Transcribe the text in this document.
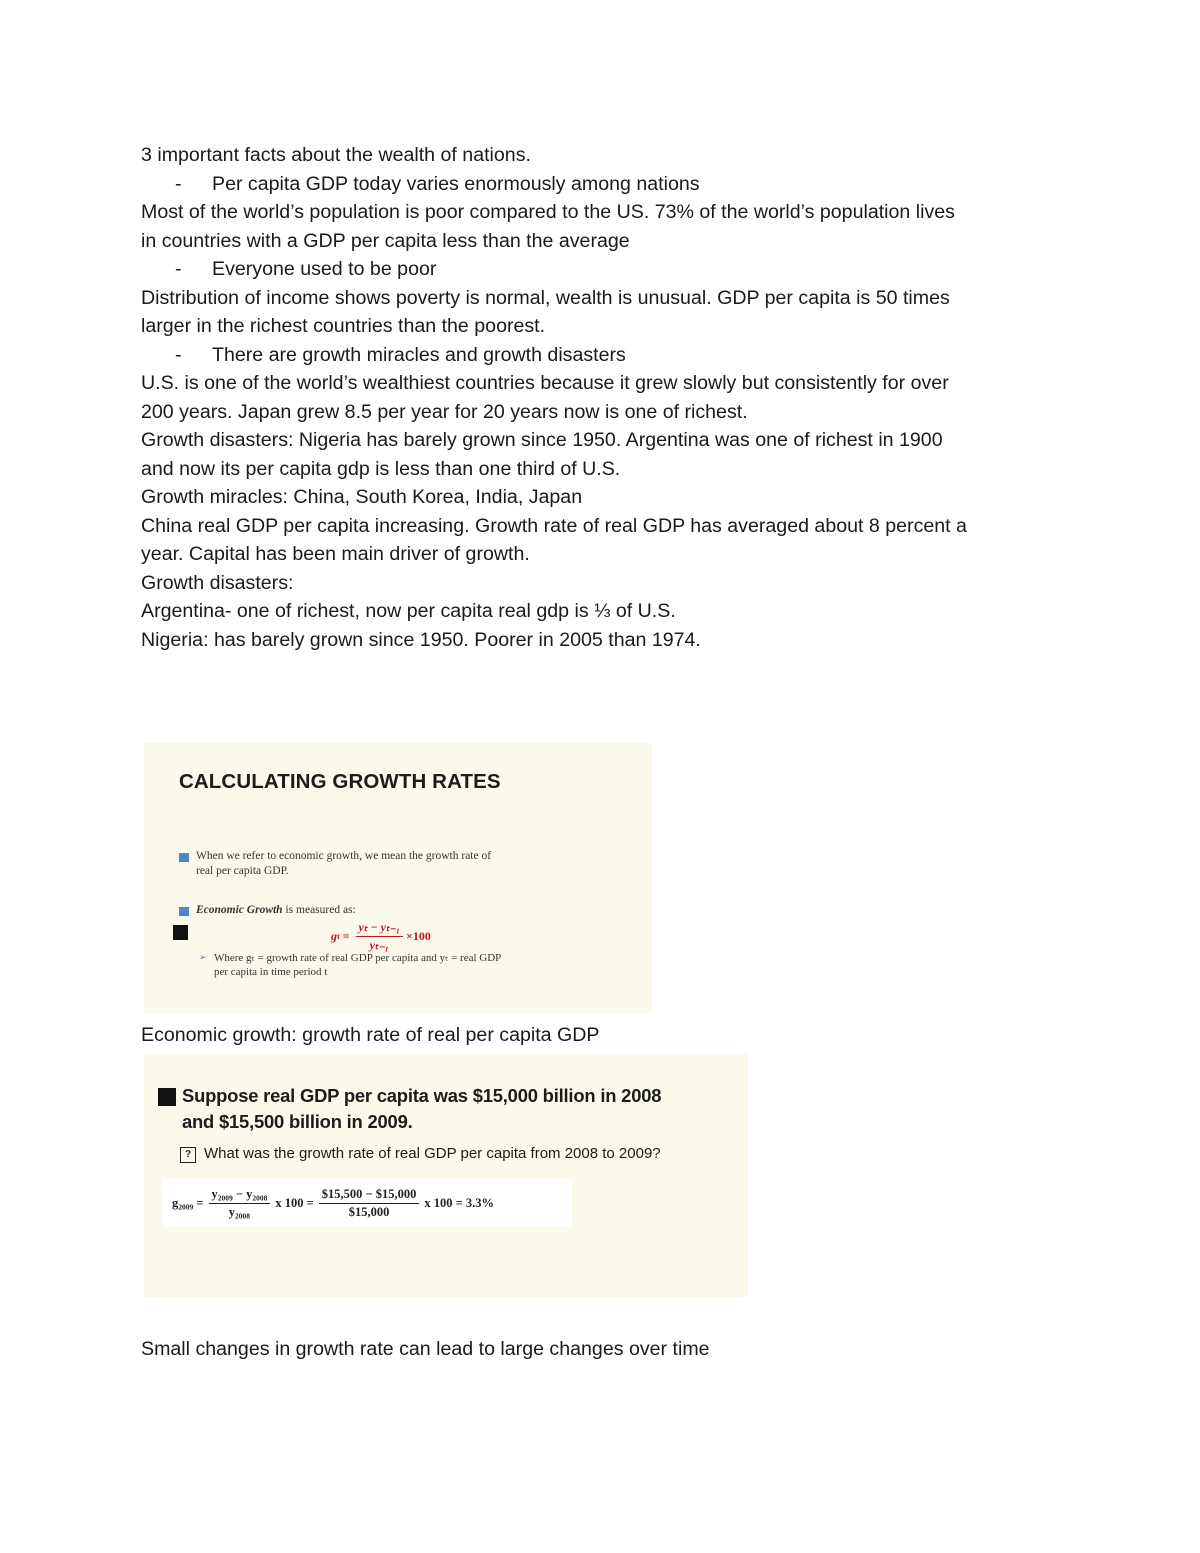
3 important facts about the wealth of nations.
- Per capita GDP today varies enormously among nations
Most of the world’s population is poor compared to the US. 73% of the world’s population lives
in countries with a GDP per capita less than the average
- Everyone used to be poor
Distribution of income shows poverty is normal, wealth is unusual. GDP per capita is 50 times
larger in the richest countries than the poorest.
- There are growth miracles and growth disasters
U.S. is one of the world’s wealthiest countries because it grew slowly but consistently for over
200 years. Japan grew 8.5 per year for 20 years now is one of richest.
Growth disasters: Nigeria has barely grown since 1950. Argentina was one of richest in 1900
and now its per capita gdp is less than one third of U.S.
Growth miracles: China, South Korea, India, Japan
China real GDP per capita increasing. Growth rate of real GDP has averaged about 8 percent a
year. Capital has been main driver of growth.
Growth disasters:
Argentina- one of richest, now per capita real gdp is ⅓ of U.S.
Nigeria: has barely grown since 1950. Poorer in 2005 than 1974.
CALCULATING GROWTH RATES
When we refer to economic growth, we mean the growth rate of
real per capita GDP.
Economic Growth is measured as:
g $t = \frac{\text{yₜ − yₜ₋₁}}{\text{yₜ₋₁}} \times 100$
➢ Where gₜ = growth rate of real GDP per capita and yₜ = real GDP
per capita in time period t
Economic growth: growth rate of real per capita GDP
Suppose real GDP per capita was $15,000 billion in 2008
and $15,500 billion in 2009.
? What was the growth rate of real GDP per capita from 2008 to 2009?
$g_{2009} = \frac{\text{y₂₀₀₉ − y₂₀₀₈}}{\text{y₂₀₀₈}}$ x $100 = \frac{\$15,500 - \$15,000}{\$15,000}$ x 100 = 3.3%
Small changes in growth rate can lead to large changes over time
